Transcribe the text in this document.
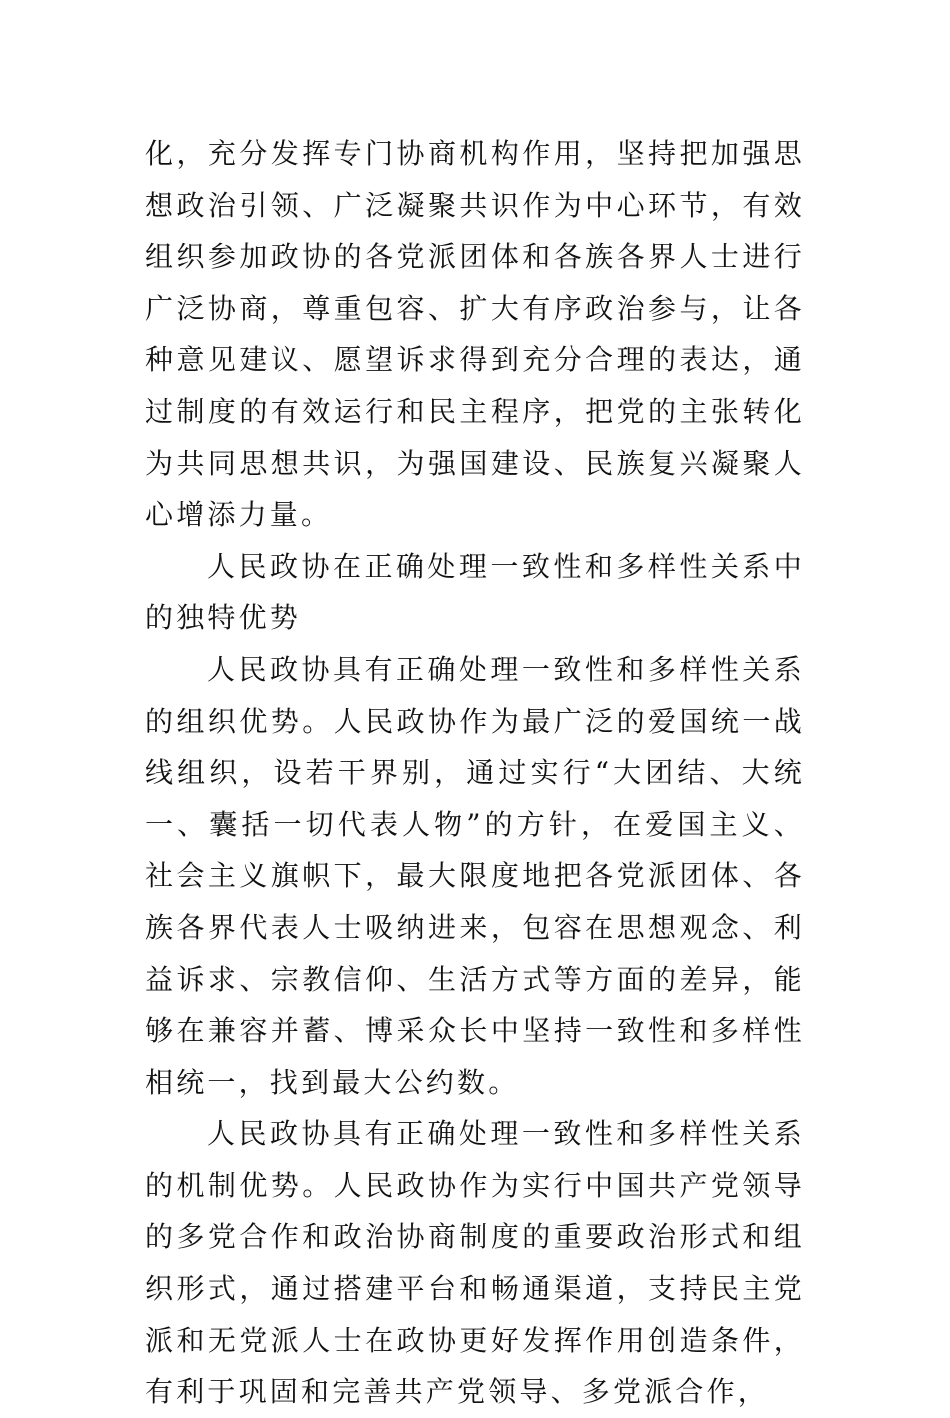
化，充分发挥专门协商机构作用，坚持把加强思想政治引领、广泛凝聚共识作为中心环节，有效组织参加政协的各党派团体和各族各界人士进行广泛协商，尊重包容、扩大有序政治参与，让各种意见建议、愿望诉求得到充分合理的表达，通过制度的有效运行和民主程序，把党的主张转化为共同思想共识，为强国建设、民族复兴凝聚人心增添力量。

人民政协在正确处理一致性和多样性关系中的独特优势

人民政协具有正确处理一致性和多样性关系的组织优势。人民政协作为最广泛的爱国统一战线组织，设若干界别，通过实行“大团结、大统一、囊括一切代表人物”的方针，在爱国主义、社会主义旗帜下，最大限度地把各党派团体、各族各界代表人士吸纳进来，包容在思想观念、利益诉求、宗教信仰、生活方式等方面的差异，能够在兼容并蓄、博采众长中坚持一致性和多样性相统一，找到最大公约数。

人民政协具有正确处理一致性和多样性关系的机制优势。人民政协作为实行中国共产党领导的多党合作和政治协商制度的重要政治形式和组织形式，通过搭建平台和畅通渠道，支持民主党派和无党派人士在政协更好发挥作用创造条件，有利于巩固和完善共产党领导、多党派合作，
